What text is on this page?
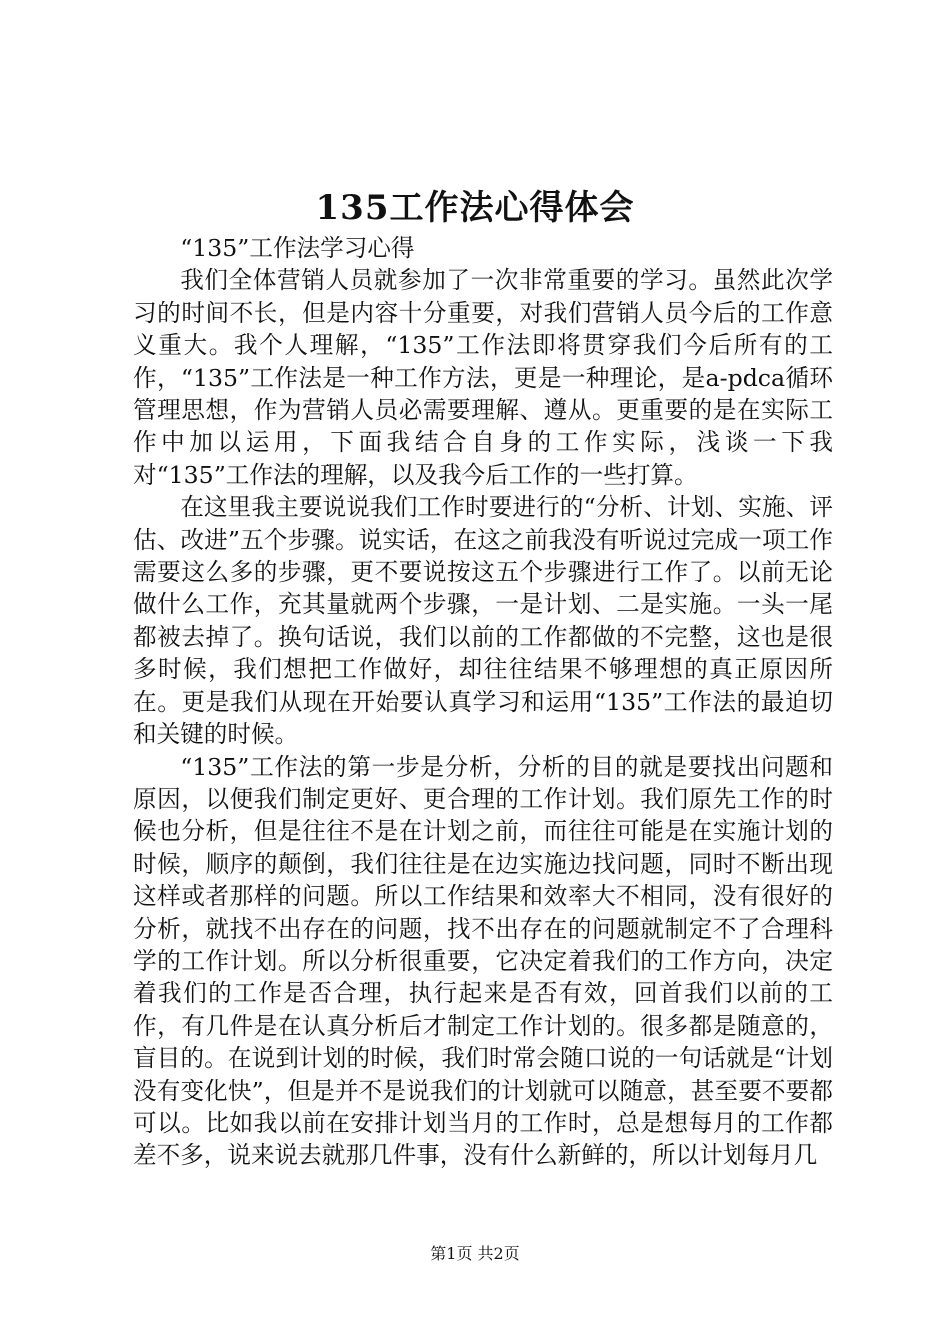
135工作法心得体会

“135”工作法学习心得

我们全体营销人员就参加了一次非常重要的学习。虽然此次学习的时间不长，但是内容十分重要，对我们营销人员今后的工作意义重大。我个人理解，“135”工作法即将贯穿我们今后所有的工作，“135”工作法是一种工作方法，更是一种理论，是a-pdca循环管理思想，作为营销人员必需要理解、遵从。更重要的是在实际工作中加以运用，下面我结合自身的工作实际，浅谈一下我对“135”工作法的理解，以及我今后工作的一些打算。

在这里我主要说说我们工作时要进行的“分析、计划、实施、评估、改进”五个步骤。说实话，在这之前我没有听说过完成一项工作需要这么多的步骤，更不要说按这五个步骤进行工作了。以前无论做什么工作，充其量就两个步骤，一是计划、二是实施。一头一尾都被去掉了。换句话说，我们以前的工作都做的不完整，这也是很多时候，我们想把工作做好，却往往结果不够理想的真正原因所在。更是我们从现在开始要认真学习和运用“135”工作法的最迫切和关键的时候。

“135”工作法的第一步是分析，分析的目的就是要找出问题和原因，以便我们制定更好、更合理的工作计划。我们原先工作的时候也分析，但是往往不是在计划之前，而往往可能是在实施计划的时候，顺序的颠倒，我们往往是在边实施边找问题，同时不断出现这样或者那样的问题。所以工作结果和效率大不相同，没有很好的分析，就找不出存在的问题，找不出存在的问题就制定不了合理科学的工作计划。所以分析很重要，它决定着我们的工作方向，决定着我们的工作是否合理，执行起来是否有效，回首我们以前的工作，有几件是在认真分析后才制定工作计划的。很多都是随意的，盲目的。在说到计划的时候，我们时常会随口说的一句话就是“计划没有变化快”，但是并不是说我们的计划就可以随意，甚至要不要都可以。比如我以前在安排计划当月的工作时，总是想每月的工作都差不多，说来说去就那几件事，没有什么新鲜的，所以计划每月几

第1页 共2页
